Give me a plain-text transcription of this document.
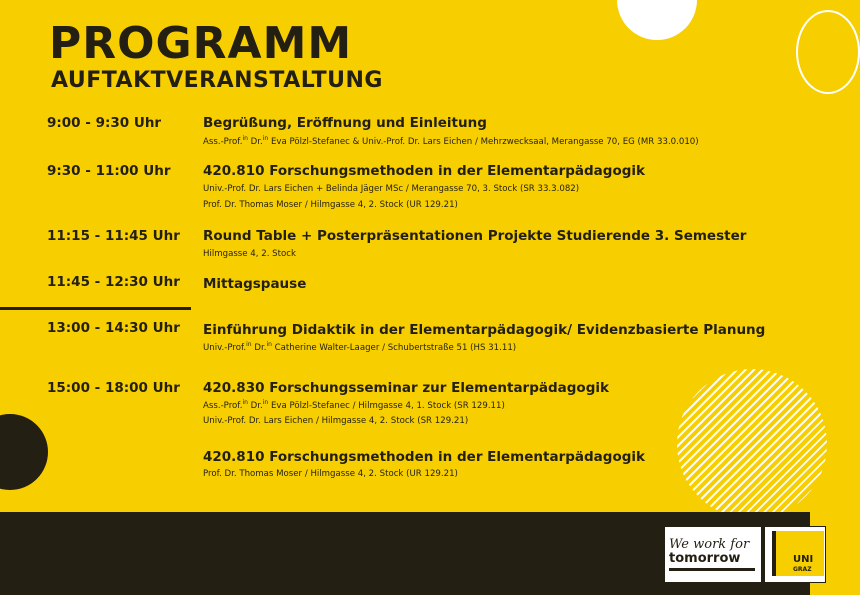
PROGRAMM
AUFTAKTVERANSTALTUNG
9:00 - 9:30 Uhr	Begrüßung, Eröffnung und Einleitung
Ass.-Prof.$^{in}$ Dr.$^{in}$ Eva Pölzl-Stefanec & Univ.-Prof. Dr. Lars Eichen / Mehrzwecksaal, Merangasse 70, EG (MR 33.0.010)
9:30 - 11:00 Uhr 420.810 Forschungsmethoden in der Elementarpädagogik
Univ.-Prof. Dr. Lars Eichen + Belinda Jäger MSc / Merangasse 70, 3. Stock (SR 33.3.082)
Prof. Dr. Thomas Moser / Hilmgasse 4, 2. Stock (UR 129.21)
11:15 - 11:45 Uhr Round Table + Posterpräsentationen Projekte Studierende 3. Semester
Hilmgasse 4, 2. Stock
11:45 - 12:30 Uhr Mittagspause
13:00 - 14:30 Uhr Einführung Didaktik in der Elementarpädagogik/ Evidenzbasierte Planung
Univ.-Prof.$^{in}$ Dr.$^{in}$ Catherine Walter-Laager / Schubertstraße 51 (HS 31.11)
15:00 - 18:00 Uhr 420.830 Forschungsseminar zur Elementarpädagogik
Ass.-Prof.$^{in}$ Dr.$^{in}$ Eva Pölzl-Stefanec / Hilmgasse 4, 1. Stock (SR 129.11)
Univ.-Prof. Dr. Lars Eichen / Hilmgasse 4, 2. Stock (SR 129.21)
420.810 Forschungsmethoden in der Elementarpädagogik
Prof. Dr. Thomas Moser / Hilmgasse 4, 2. Stock (UR 129.21)
We work for
tomorrow	UNI
GRAZ
